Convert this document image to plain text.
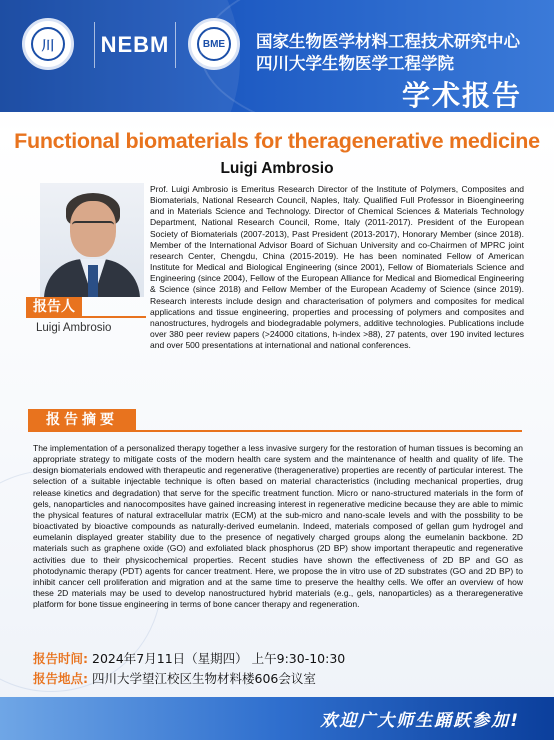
川	NEBM	BME	国家生物医学材料工程技术研究中心
四川大学生物医学工程学院
学术报告
Functional biomaterials for theragenerative medicine
Luigi Ambrosio
报告人
Luigi Ambrosio
Prof. Luigi Ambrosio is Emeritus Research Director of the Institute of Polymers, Composites and Biomaterials, National Research Council, Naples, Italy. Qualified Full Professor in Bioengineering and in Materials Science and Technology. Director of Chemical Sciences & Materials Technology Department, National Research Council, Rome, Italy (2011-2017). President of the European Society of Biomaterials (2007-2013), Past President (2013-2017), Honorary Member (since 2018). Member of the International Advisor Board of Sichuan University and co-Chairmen of MPRC joint research Center, Chengdu, China (2015-2019). He has been nominated Fellow of American Institute for Medical and Biological Engineering (since 2001), Fellow of Biomaterials Science and Engineering (since 2004), Fellow of the European Alliance for Medical and Biomedical Engineering & Science (since 2018) and Fellow Member of the European Academy of Science (since 2019). Research interests include design and characterisation of polymers and composites for medical applications and tissue engineering, properties and processing of polymers and composites and nanostructures, hydrogels and biodegradable polymers, additive technologies. Publications include over 380 peer review papers (>24000 citations, h-index >88), 27 patents, over 190 invited lectures and over 500 presentations at international and national conferences.
报告摘要
The implementation of a personalized therapy together a less invasive surgery for the restoration of human tissues is becoming an appropriate strategy to mitigate costs of the modern health care system and the maintenance of health and quality of life. The design biomaterials endowed with therapeutic and regenerative (theragenerative) properties are recently of particular interest. The selection of a suitable injectable technique is often based on material characteristics (including mechanical properties, drug release kinetics and degradation) that serve for the specific treatment function. Micro or nano-structured materials in the form of gels, nanoparticles and nanocomposites have gained increasing interest in regenerative medicine because they are able to mimic the physical features of natural extracellular matrix (ECM) at the sub-micro and nano-scale levels and with the possbility to be bioactivated by bioactive compounds as naturally-derived eumelanin. Indeed, materials composed of gellan gum hydrogel and eumelanin displayed greater stability due to the presence of negatively charged groups along the eumelanin backbone. 2D materials such as graphene oxide (GO) and exfoliated black phosphorus (2D BP) show important therapeutic and regenerative activities due to their physicochemical properties. Recent studies have shown the effectiveness of 2D BP and GO as photodynamic therapy (PDT) agents for cancer treatment. Here, we propose the in vitro use of 2D substrates (GO and 2D BP) to inhibit cancer cell proliferation and migration and at the same time to preserve the healthy cells. We offer an overview of how these 2D materials may be used to develop nanostructured hybrid materials (e.g., gels, nanoparticles) as a theraregenerative platform for bone tissue engineering in terms of bone cancer therapy and regeneration.
报告时间: 2024年7月11日（星期四） 上午9:30-10:30
报告地点: 四川大学望江校区生物材料楼606会议室
欢迎广大师生踊跃参加!
